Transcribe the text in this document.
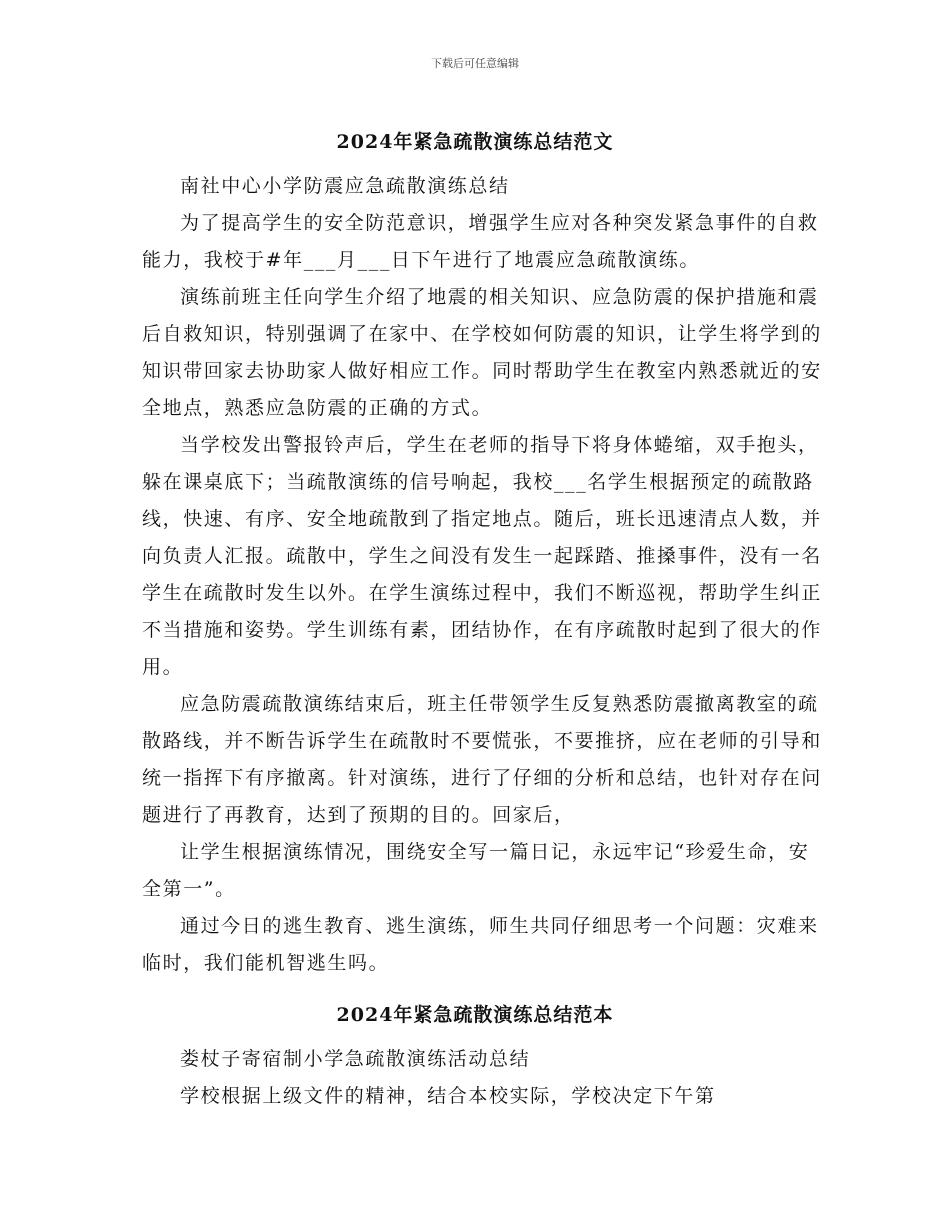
下载后可任意编辑
2024年紧急疏散演练总结范文

南社中心小学防震应急疏散演练总结

为了提高学生的安全防范意识，增强学生应对各种突发紧急事件的自救能力，我校于#年___月___日下午进行了地震应急疏散演练。

演练前班主任向学生介绍了地震的相关知识、应急防震的保护措施和震后自救知识，特别强调了在家中、在学校如何防震的知识，让学生将学到的知识带回家去协助家人做好相应工作。同时帮助学生在教室内熟悉就近的安全地点，熟悉应急防震的正确的方式。

当学校发出警报铃声后，学生在老师的指导下将身体蜷缩，双手抱头，躲在课桌底下；当疏散演练的信号响起，我校___名学生根据预定的疏散路线，快速、有序、安全地疏散到了指定地点。随后，班长迅速清点人数，并向负责人汇报。疏散中，学生之间没有发生一起踩踏、推搡事件，没有一名学生在疏散时发生以外。在学生演练过程中，我们不断巡视，帮助学生纠正不当措施和姿势。学生训练有素，团结协作，在有序疏散时起到了很大的作用。

应急防震疏散演练结束后，班主任带领学生反复熟悉防震撤离教室的疏散路线，并不断告诉学生在疏散时不要慌张，不要推挤，应在老师的引导和统一指挥下有序撤离。针对演练，进行了仔细的分析和总结，也针对存在问题进行了再教育，达到了预期的目的。回家后，

让学生根据演练情况，围绕安全写一篇日记，永远牢记“珍爱生命，安全第一”。

通过今日的逃生教育、逃生演练，师生共同仔细思考一个问题：灾难来临时，我们能机智逃生吗。

2024年紧急疏散演练总结范本

娄杖子寄宿制小学急疏散演练活动总结

学校根据上级文件的精神，结合本校实际，学校决定下午第
